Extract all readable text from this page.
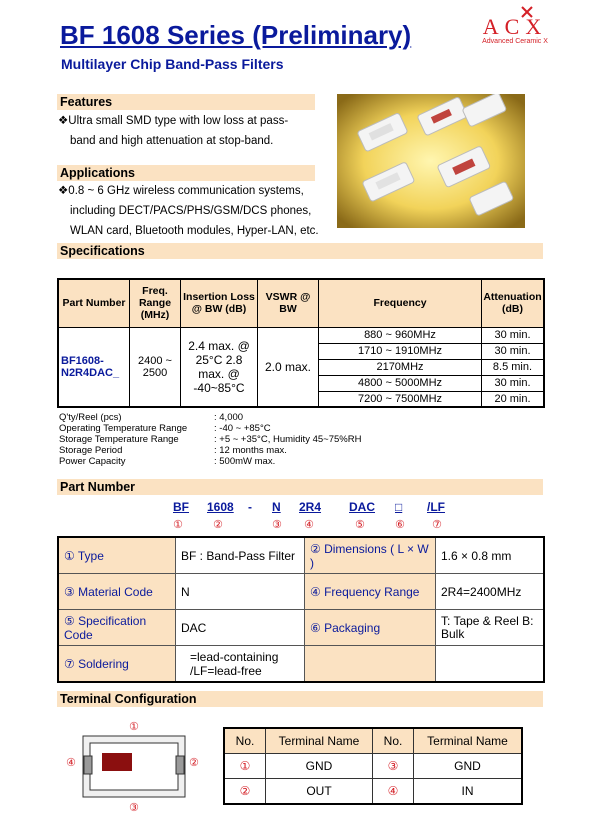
BF 1608 Series (Preliminary)
Multilayer Chip Band-Pass Filters
ACX
Advanced Ceramic X
Features
❖Ultra small SMD type with low loss at pass-
band and high attenuation at stop-band.
Applications
❖0.8 ~ 6 GHz wireless communication systems,
including DECT/PACS/PHS/GSM/DCS phones,
WLAN card, Bluetooth modules, Hyper-LAN, etc.
Specifications
Part Number	Freq. Range (MHz)	Insertion Loss @ BW (dB)	VSWR @ BW	Frequency	Attenuation (dB)
BF1608-N2R4DAC_	2400 ~ 2500	2.4 max. @ 25°C 2.8 max. @ -40~85°C	2.0 max.	880 ~ 960MHz	30 min.
				1710 ~ 1910MHz	30 min.
				2170MHz	8.5 min.
				4800 ~ 5000MHz	30 min.
				7200 ~ 7500MHz	20 min.
Q'ty/Reel (pcs)	: 4,000
Operating Temperature Range	: -40 ~ +85°C
Storage Temperature Range	: +5 ~ +35°C, Humidity 45~75%RH
Storage Period	: 12 months max.
Power Capacity	: 500mW max.
Part Number
BF 1608 - N 2R4 DAC □ /LF
①	②	③ ④	⑤	⑥ ⑦
① Type	BF : Band-Pass Filter	② Dimensions ( L × W )	1.6 × 0.8 mm
③ Material Code	N	④ Frequency Range	2R4=2400MHz
⑤ Specification Code	DAC	⑥ Packaging	T: Tape & Reel B: Bulk
⑦ Soldering	=lead-containing /LF=lead-free		
Terminal Configuration
①
④	②
③
No.	Terminal Name	No.	Terminal Name
①	GND	③	GND
②	OUT	④	IN
